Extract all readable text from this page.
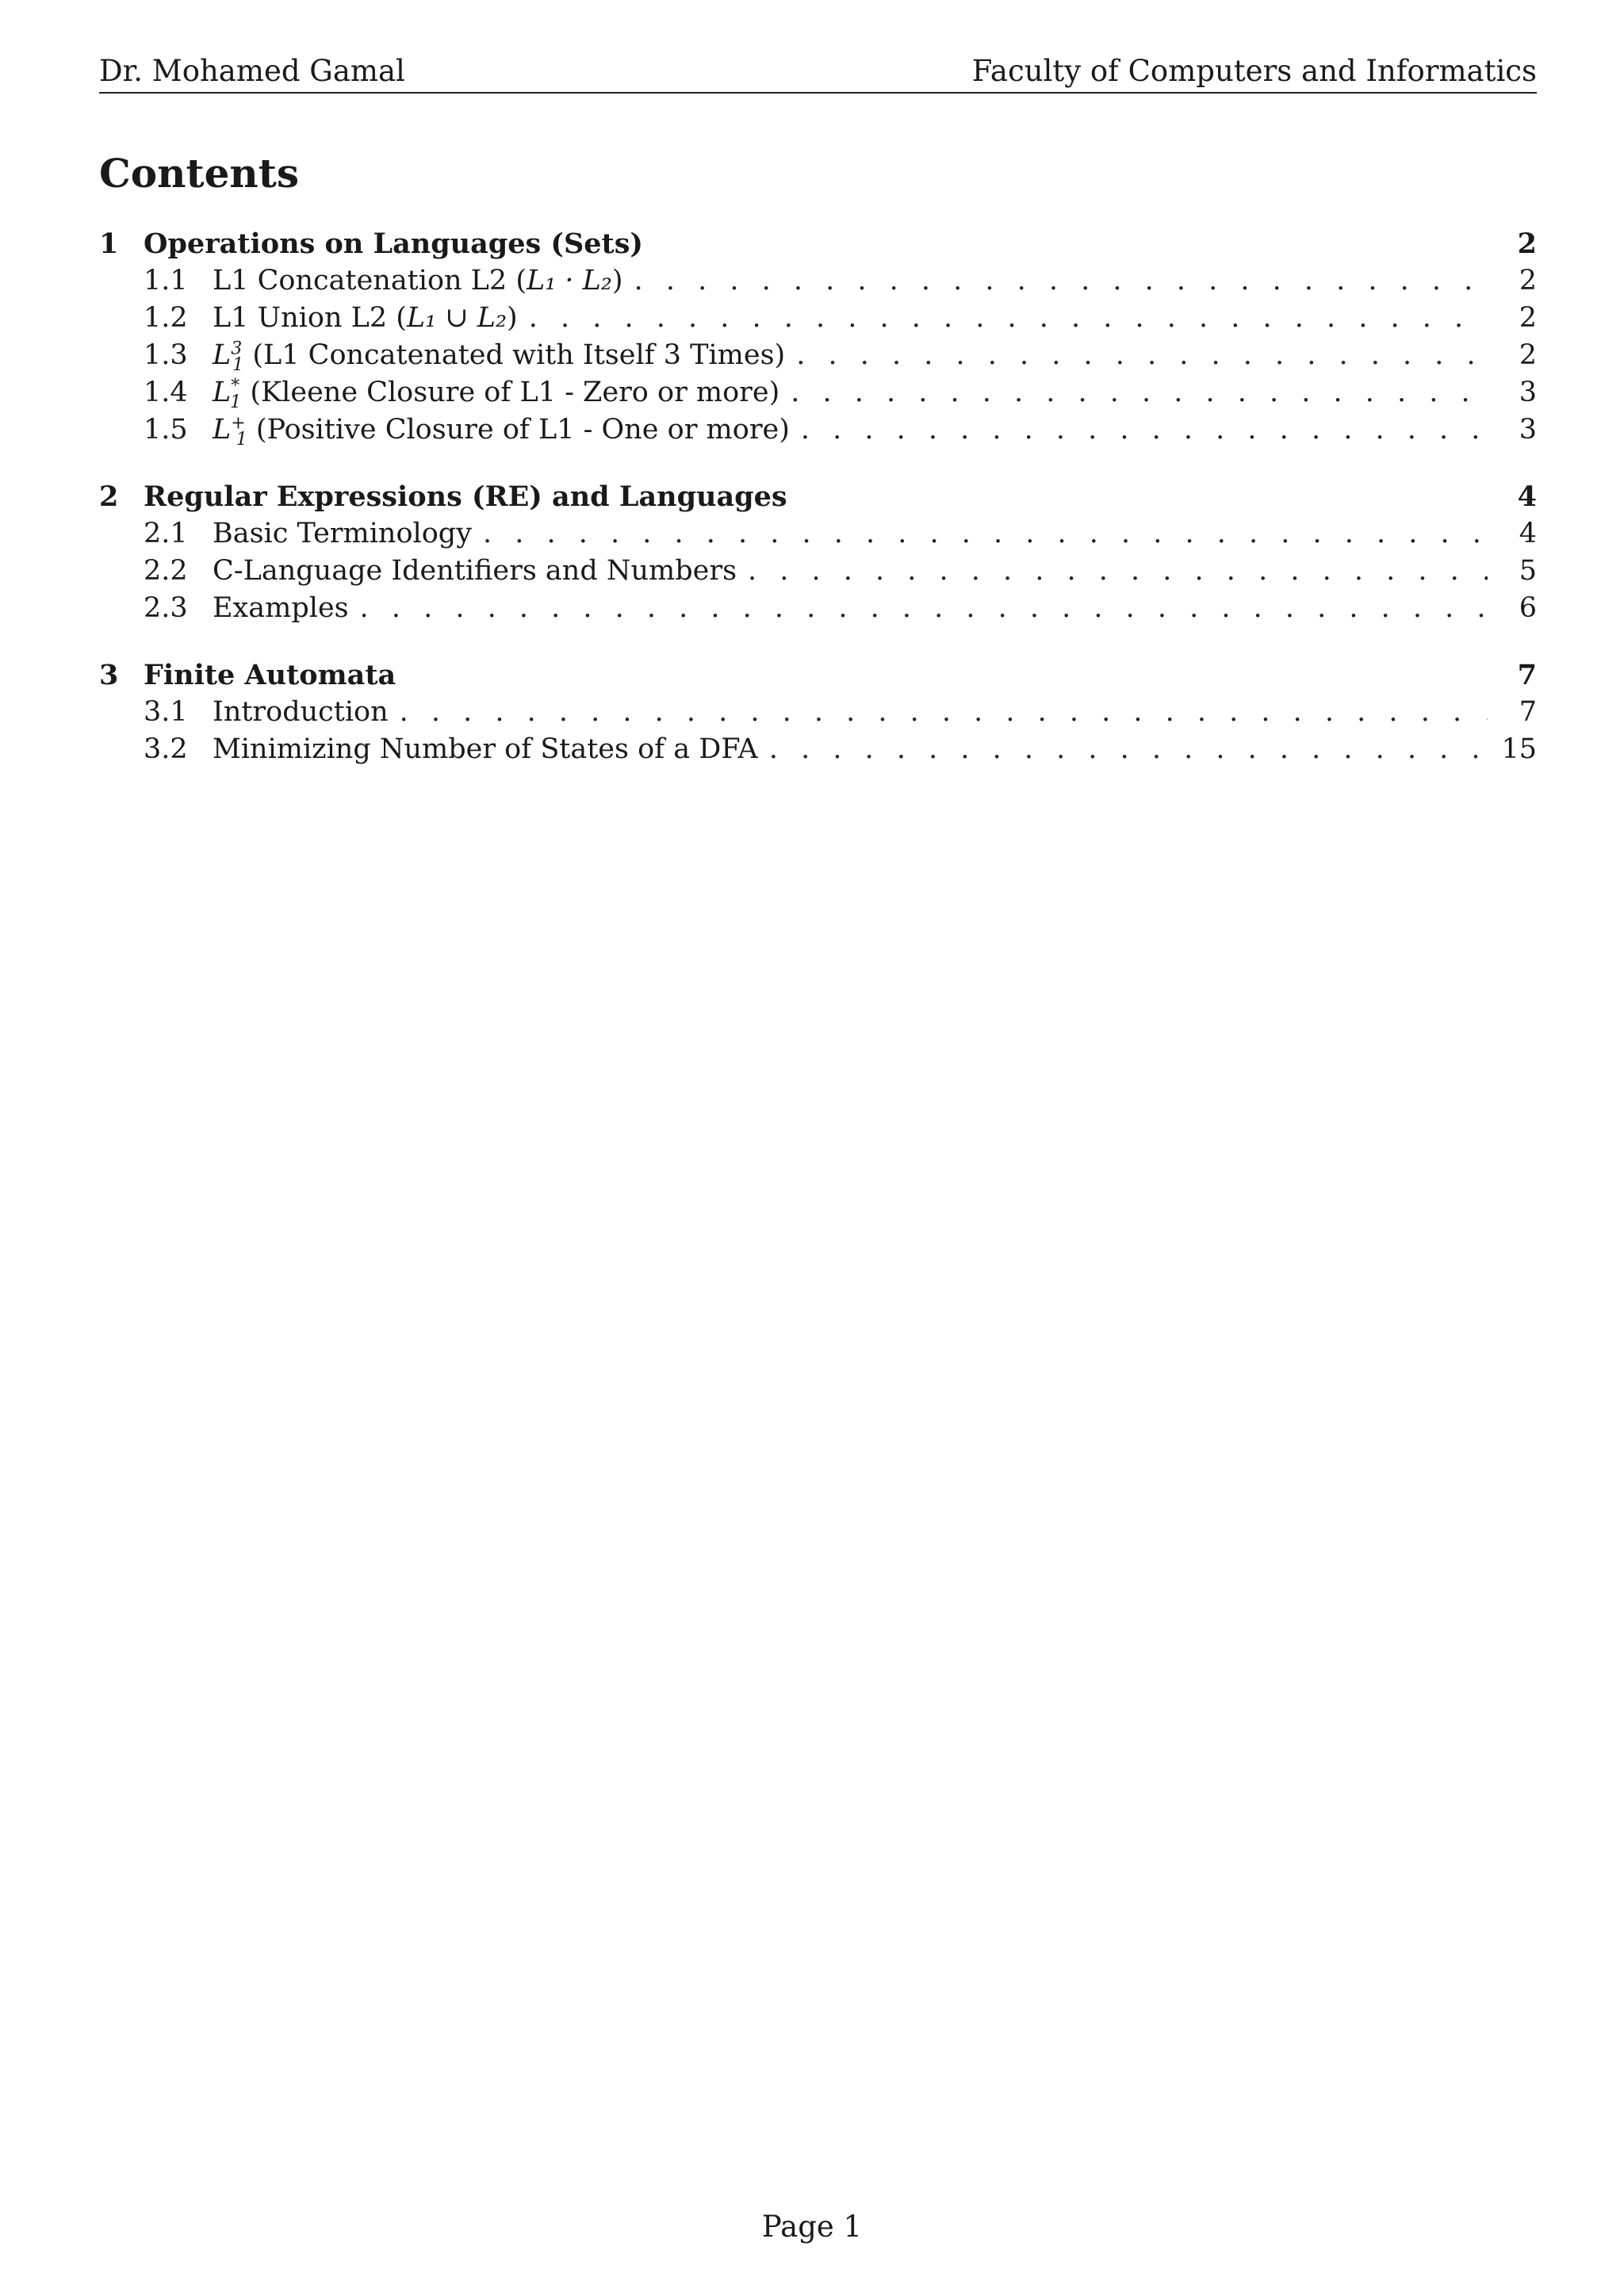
Dr. Mohamed Gamal	Faculty of Computers and Informatics
Contents
1 Operations on Languages (Sets)	2
1.1 L1 Concatenation L2 (L₁ · L₂) . . .	2
1.2 L1 Union L2 (L₁ ∪ L₂) . . .	2
1.3 $L^3_1$ (L1 Concatenated with Itself 3 Times) . . .	2
1.4 $L^*_1$ (Kleene Closure of L1 - Zero or more) . . .	3
1.5 $L^+_1$ (Positive Closure of L1 - One or more) . . .	3
2 Regular Expressions (RE) and Languages	4
2.1 Basic Terminology . . .	4
2.2 C-Language Identifiers and Numbers . . .	5
2.3 Examples . . .	6
3 Finite Automata	7
3.1 Introduction . . .	7
3.2 Minimizing Number of States of a DFA . . .	15
Page 1
